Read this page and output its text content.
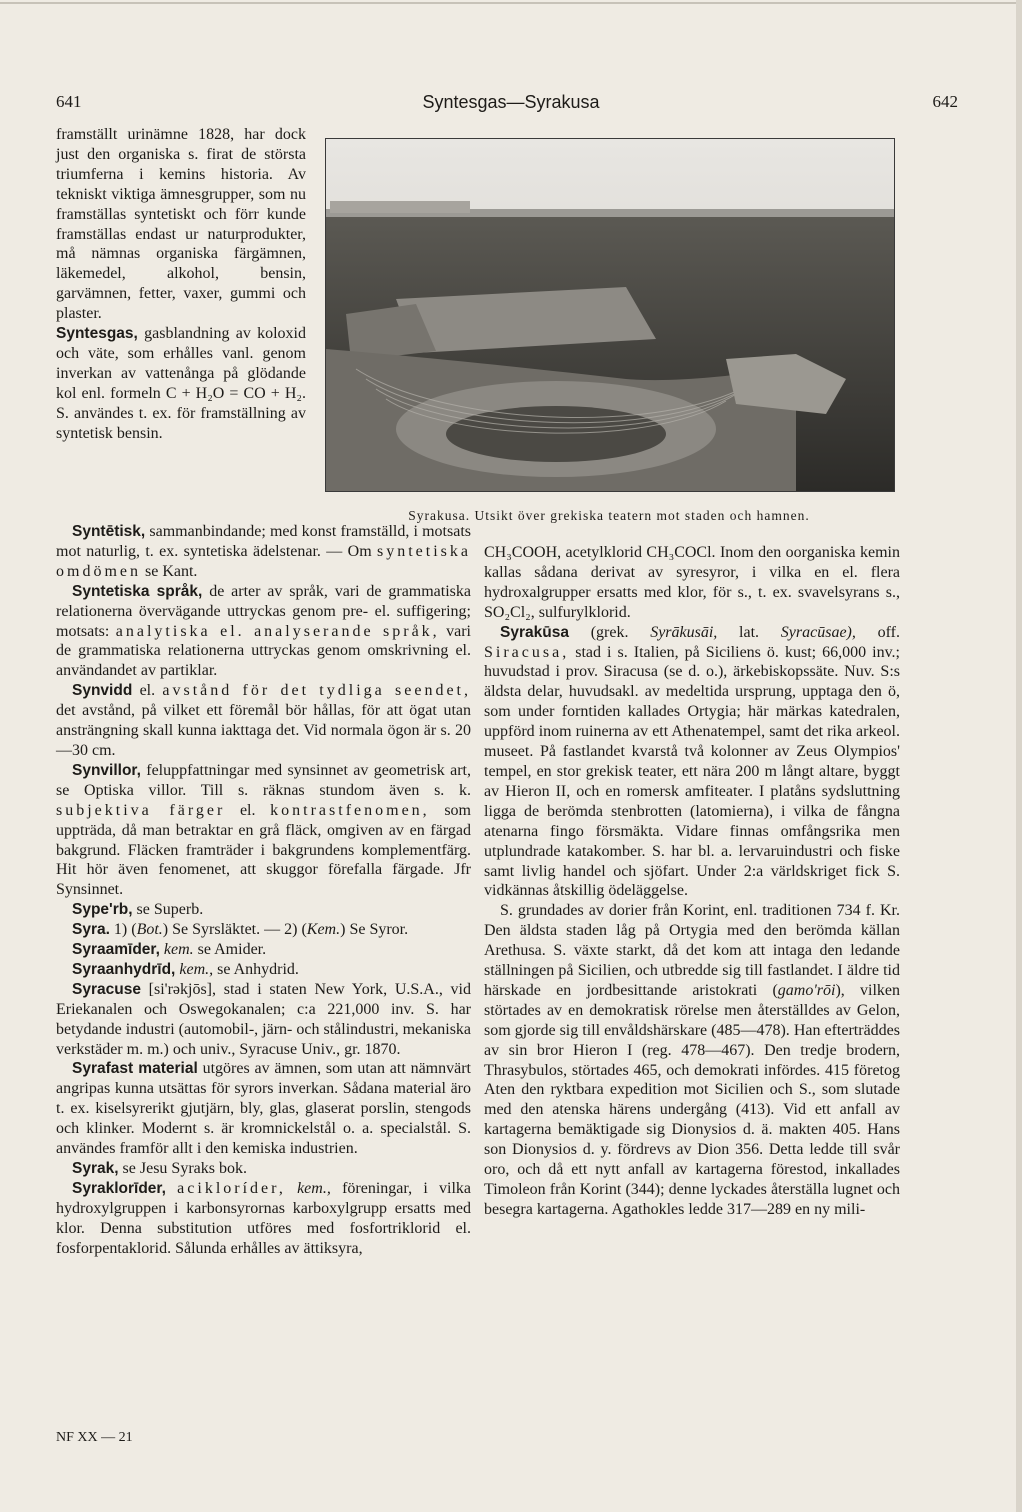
641	Syntesgas—Syrakusa	642

framställt urinämne 1828, har dock just den organiska s. firat de största triumferna i kemins historia. Av tekniskt viktiga ämnesgrupper, som nu framställas syntetiskt och förr kunde framställas endast ur naturprodukter, må nämnas organiska färgämnen, läkemedel, alkohol, bensin, garvämnen, fetter, vaxer, gummi och plaster.

Syntesgas, gasblandning av koloxid och väte, som erhålles vanl. genom inverkan av vattenånga på glödande kol enl. formeln C + H₂O = CO + H₂. S. användes t. ex. för framställning av syntetisk bensin.

Syrakusa. Utsikt över grekiska teatern mot staden och hamnen.

Syntētisk, sammanbindande; med konst framställd, i motsats mot naturlig, t. ex. syntetiska ädelstenar. — Om syntetiska omdömen se Kant.

Syntetiska språk, de arter av språk, vari de grammatiska relationerna övervägande uttryckas genom pre- el. suffigering; motsats: analytiska el. analyserande språk, vari de grammatiska relationerna uttryckas genom omskrivning el. användandet av partiklar.

Synvidd el. avstånd för det tydliga seendet, det avstånd, på vilket ett föremål bör hållas, för att ögat utan ansträngning skall kunna iakttaga det. Vid normala ögon är s. 20—30 cm.

Synvillor, feluppfattningar med synsinnet av geometrisk art, se Optiska villor. Till s. räknas stundom även s. k. subjektiva färger el. kontrastfenomen, som uppträda, då man betraktar en grå fläck, omgiven av en färgad bakgrund. Fläcken framträder i bakgrundens komplementfärg. Hit hör även fenomenet, att skuggor förefalla färgade. Jfr Synsinnet.

Sype'rb, se Superb.

Syra. 1) (Bot.) Se Syrsläktet. — 2) (Kem.) Se Syror.

Syraamīder, kem. se Amider.

Syraanhydrīd, kem., se Anhydrid.

Syracuse [si'rəkjōs], stad i staten New York, U.S.A., vid Eriekanalen och Oswegokanalen; c:a 221,000 inv. S. har betydande industri (automobil-, järn- och stålindustri, mekaniska verkstäder m. m.) och univ., Syracuse Univ., gr. 1870.

Syrafast material utgöres av ämnen, som utan att nämnvärt angripas kunna utsättas för syrors inverkan. Sådana material äro t. ex. kiselsyrerikt gjutjärn, bly, glas, glaserat porslin, stengods och klinker. Modernt s. är kromnickelstål o. a. specialstål. S. användes framför allt i den kemiska industrien.

Syrak, se Jesu Syraks bok.

Syraklorīder, acikloríder, kem., föreningar, i vilka hydroxylgruppen i karbonsyrornas karboxylgrupp ersatts med klor. Denna substitution utföres med fosfortriklorid el. fosforpentaklorid. Sålunda erhålles av ättiksyra,

CH₃COOH, acetylklorid CH₃COCl. Inom den oorganiska kemin kallas sådana derivat av syresyror, i vilka en el. flera hydroxalgrupper ersatts med klor, för s., t. ex. svavelsyrans s., SO₂Cl₂, sulfurylklorid.

Syrakūsa (grek. Syrākusāi, lat. Syracūsae), off. Siracusa, stad i s. Italien, på Siciliens ö. kust; 66,000 inv.; huvudstad i prov. Siracusa (se d. o.), ärkebiskopssäte. Nuv. S:s äldsta delar, huvudsakl. av medeltida ursprung, upptaga den ö, som under forntiden kallades Ortygia; här märkas katedralen, uppförd inom ruinerna av ett Athenatempel, samt det rika arkeol. museet. På fastlandet kvarstå två kolonner av Zeus Olympios' tempel, en stor grekisk teater, ett nära 200 m långt altare, byggt av Hieron II, och en romersk amfiteater. I platåns sydsluttning ligga de berömda stenbrotten (latomierna), i vilka de fångna atenarna fingo försmäkta. Vidare finnas omfångsrika men utplundrade katakomber. S. har bl. a. lervaruindustri och fiske samt livlig handel och sjöfart. Under 2:a världskriget fick S. vidkännas åtskillig ödeläggelse.

S. grundades av dorier från Korint, enl. traditionen 734 f. Kr. Den äldsta staden låg på Ortygia med den berömda källan Arethusa. S. växte starkt, då det kom att intaga den ledande ställningen på Sicilien, och utbredde sig till fastlandet. I äldre tid härskade en jordbesittande aristokrati (gamo'rōi), vilken störtades av en demokratisk rörelse men återställdes av Gelon, som gjorde sig till envåldshärskare (485—478). Han efterträddes av sin bror Hieron I (reg. 478—467). Den tredje brodern, Thrasybulos, störtades 465, och demokrati infördes. 415 företog Aten den ryktbara expedition mot Sicilien och S., som slutade med den atenska härens undergång (413). Vid ett anfall av kartagerna bemäktigade sig Dionysios d. ä. makten 405. Hans son Dionysios d. y. fördrevs av Dion 356. Detta ledde till svår oro, och då ett nytt anfall av kartagerna förestod, inkallades Timoleon från Korint (344); denne lyckades återställa lugnet och besegra kartagerna. Agathokles ledde 317—289 en ny mili-

NF XX — 21
